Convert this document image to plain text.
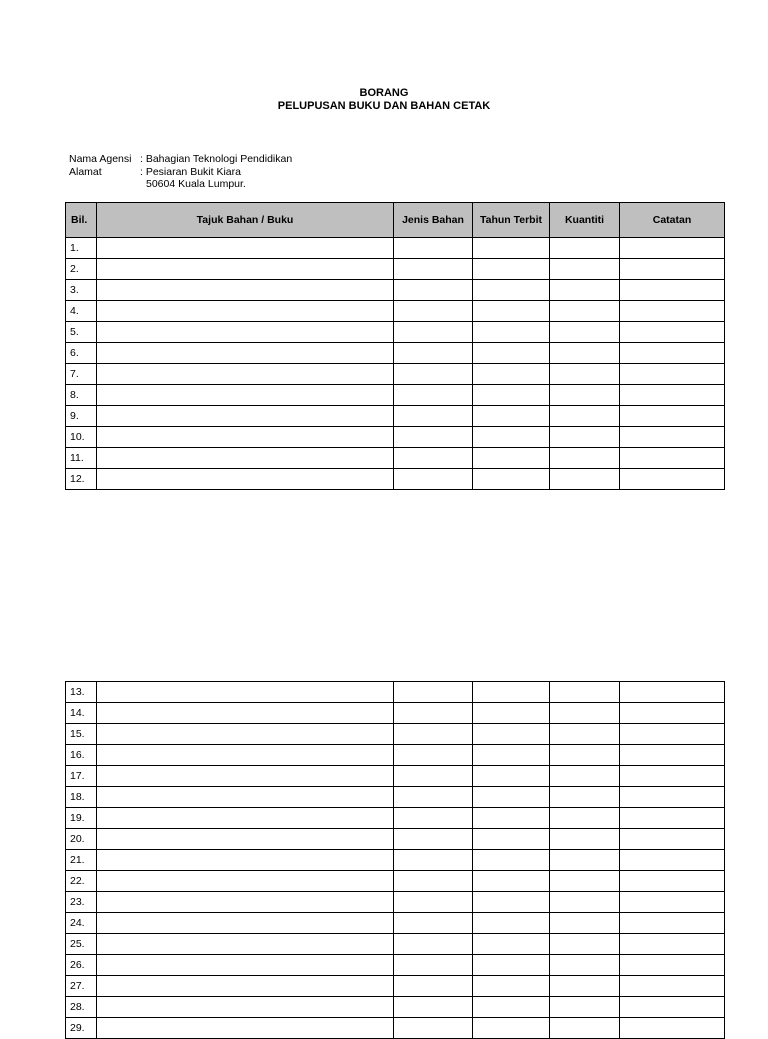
BORANG
PELUPUSAN BUKU DAN BAHAN CETAK
Nama Agensi : Bahagian Teknologi Pendidikan
Alamat	: Pesiaran Bukit Kiara
50604 Kuala Lumpur.
Bil.	Tajuk Bahan / Buku	Jenis Bahan	Tahun Terbit	Kuantiti	Catatan
1.					
2.					
3.					
4.					
5.					
6.					
7.					
8.					
9.					
10.					
11.					
12.					
13.					
14.					
15.					
16.					
17.					
18.					
19.					
20.					
21.					
22.					
23.					
24.					
25.					
26.					
27.					
28.					
29.					
